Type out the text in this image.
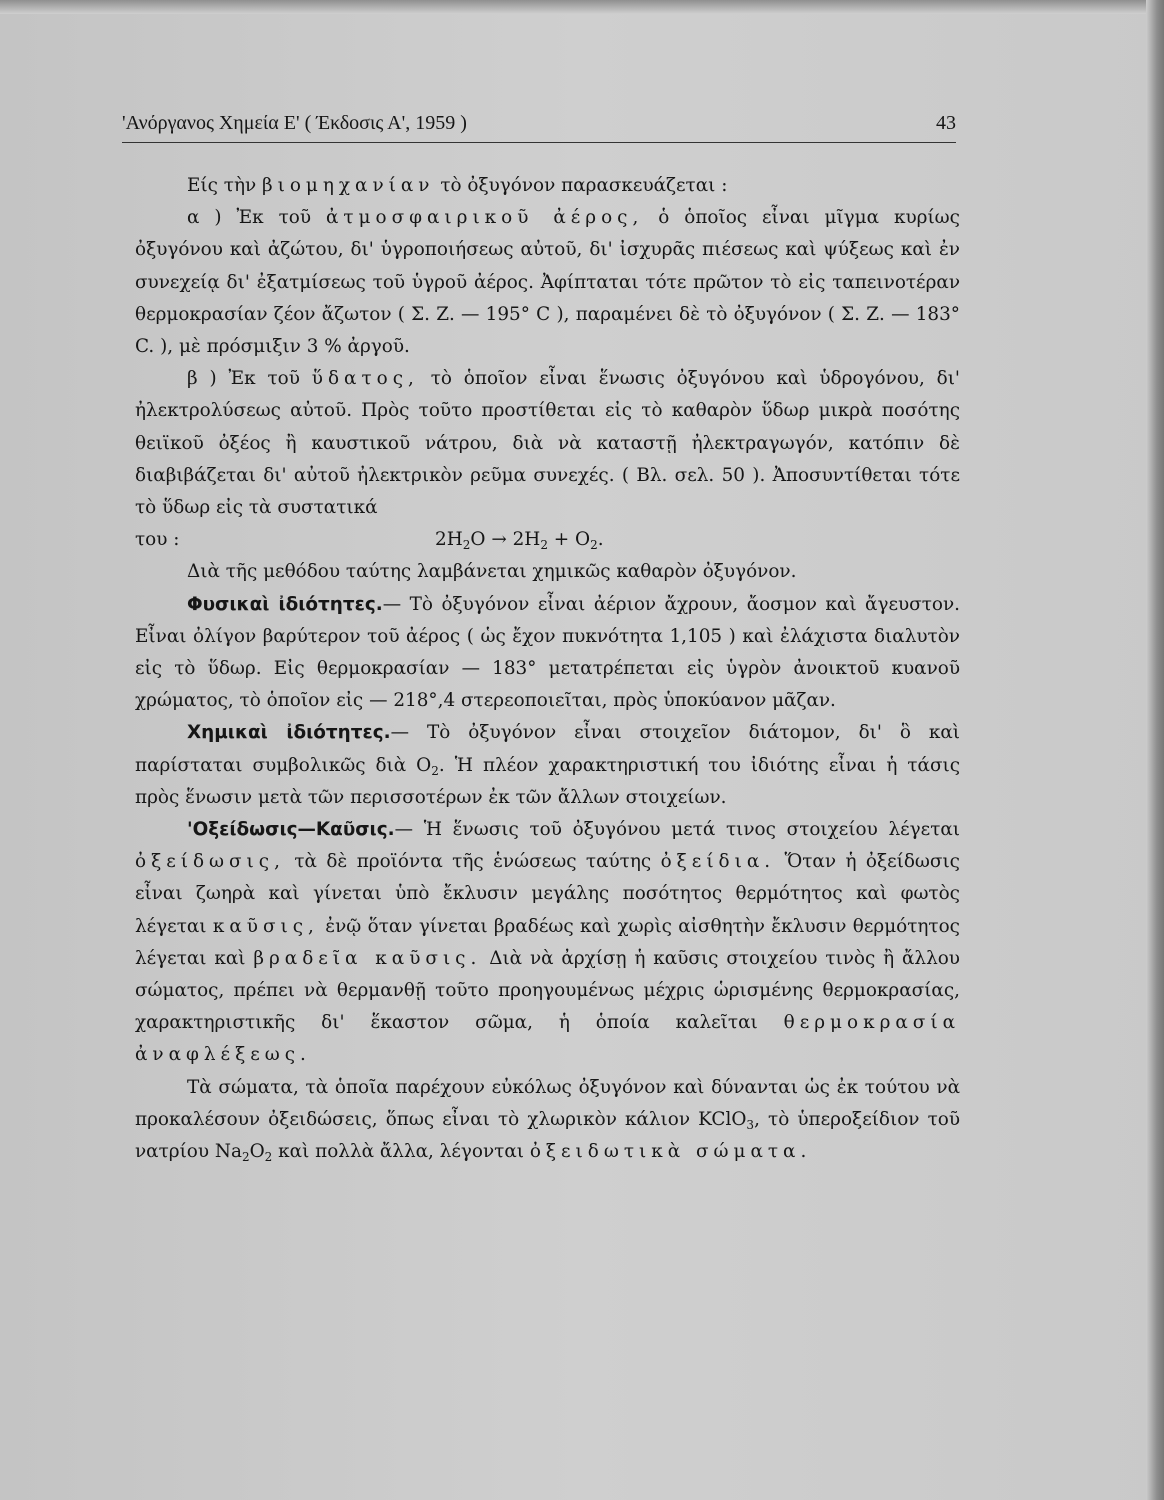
'Ανόργανος Χημεία Ε' ( Έκδοσις Α', 1959 )	43

Είς τὴν βιομηχανίαν τὸ ὀξυγόνον παρασκευάζεται :

α ) Ἐκ τοῦ ἀτμοσφαιρικοῦ ἀέρος, ὁ ὁποῖος εἶναι μῖγμα κυρίως ὀξυγόνου καὶ ἀζώτου, δι' ὑγροποιήσεως αὐτοῦ, δι' ἰσχυρᾶς πιέσεως καὶ ψύξεως καὶ ἐν συνεχείᾳ δι' ἐξατμίσεως τοῦ ὑγροῦ ἀέρος. Ἀφίπταται τότε πρῶτον τὸ εἰς ταπεινοτέραν θερμοκρασίαν ζέον ἄζωτον ( Σ. Ζ. — 195° C ), παραμένει δὲ τὸ ὀξυγόνον ( Σ. Ζ. — 183° C. ), μὲ πρόσμιξιν 3 % ἀργοῦ.

β ) Ἐκ τοῦ ὕδατος, τὸ ὁποῖον εἶναι ἕνωσις ὀξυγόνου καὶ ὑδρογόνου, δι' ἠλεκτρολύσεως αὐτοῦ. Πρὸς τοῦτο προστίθεται εἰς τὸ καθαρὸν ὕδωρ μικρὰ ποσότης θειϊκοῦ ὀξέος ἢ καυστικοῦ νάτρου, διὰ νὰ καταστῇ ἠλεκτραγωγόν, κατόπιν δὲ διαβιβάζεται δι' αὐτοῦ ἠλεκτρικὸν ρεῦμα συνεχές. ( Βλ. σελ. 50 ). Ἀποσυντίθεται τότε τὸ ὕδωρ εἰς τὰ συστατικά

του :	$2H_2O \to 2H_2 + O_2$.

Διὰ τῆς μεθόδου ταύτης λαμβάνεται χημικῶς καθαρὸν ὀξυγόνον.

Φυσικαὶ ἰδιότητες.— Τὸ ὀξυγόνον εἶναι ἀέριον ἄχρουν, ἄοσμον καὶ ἄγευστον. Εἶναι ὀλίγον βαρύτερον τοῦ ἀέρος ( ὡς ἔχον πυκνότητα 1,105 ) καὶ ἐλάχιστα διαλυτὸν εἰς τὸ ὕδωρ. Εἰς θερμοκρασίαν — 183° μετατρέπεται εἰς ὑγρὸν ἀνοικτοῦ κυανοῦ χρώματος, τὸ ὁποῖον εἰς — 218°,4 στερεοποιεῖται, πρὸς ὑποκύανον μᾶζαν.

Χημικαὶ ἰδιότητες.— Τὸ ὀξυγόνον εἶναι στοιχεῖον διάτομον, δι' ὃ καὶ παρίσταται συμβολικῶς διὰ $O_2$. Ἡ πλέον χαρακτηριστική του ἰδιότης εἶναι ἡ τάσις πρὸς ἕνωσιν μετὰ τῶν περισσοτέρων ἐκ τῶν ἄλλων στοιχείων.

'Οξείδωσις—Καῦσις.— Ἡ ἕνωσις τοῦ ὀξυγόνου μετά τινος στοιχείου λέγεται ὀξείδωσις, τὰ δὲ προϊόντα τῆς ἑνώσεως ταύτης ὀξείδια. Ὅταν ἡ ὀξείδωσις εἶναι ζωηρὰ καὶ γίνεται ὑπὸ ἔκλυσιν μεγάλης ποσότητος θερμότητος καὶ φωτὸς λέγεται καῦσις, ἐνῷ ὅταν γίνεται βραδέως καὶ χωρὶς αἰσθητὴν ἔκλυσιν θερμότητος λέγεται καὶ βραδεῖα καῦσις. Διὰ νὰ ἀρχίσῃ ἡ καῦσις στοιχείου τινὸς ἢ ἄλλου σώματος, πρέπει νὰ θερμανθῇ τοῦτο προηγουμένως μέχρις ὡρισμένης θερμοκρασίας, χαρακτηριστικῆς δι' ἕκαστον σῶμα, ἡ ὁποία καλεῖται θερμοκρασία ἀναφλέξεως.

Τὰ σώματα, τὰ ὁποῖα παρέχουν εὐκόλως ὀξυγόνον καὶ δύνανται ὡς ἐκ τούτου νὰ προκαλέσουν ὀξειδώσεις, ὅπως εἶναι τὸ χλωρικὸν κάλιον KClO$_3$, τὸ ὑπεροξείδιον τοῦ νατρίου $Na_2O_2$ καὶ πολλὰ ἄλλα, λέγονται ὀξειδωτικὰ σώματα.
